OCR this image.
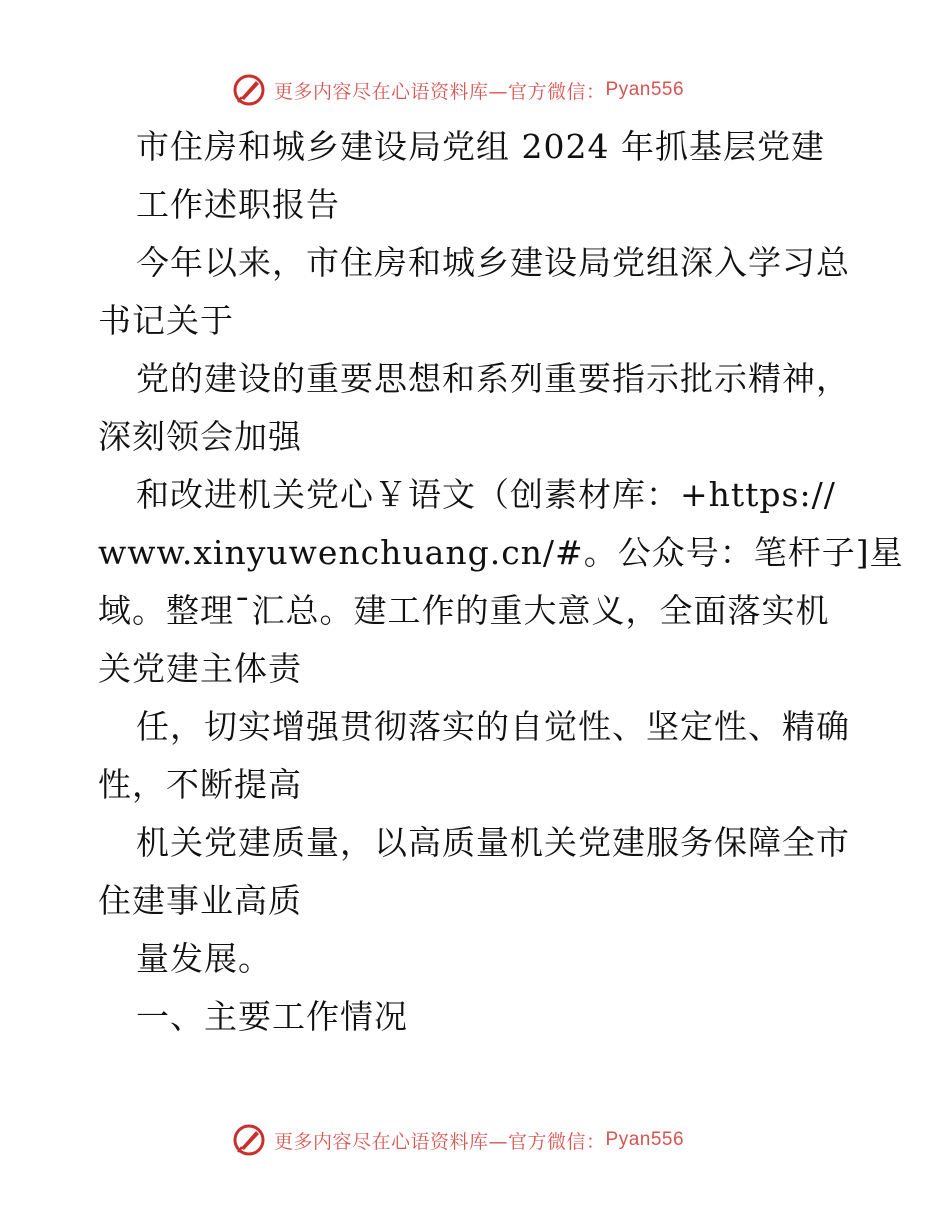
更多内容尽在心语资料库—官方微信： Pyan556
市住房和城乡建设局党组 2024 年抓基层党建
工作述职报告
今年以来，市住房和城乡建设局党组深入学习总
书记关于
党的建设的重要思想和系列重要指示批示精神，
深刻领会加强
和改进机关党心￥语文（创素材库：+https://
www.xinyuwenchuang.cn/#。公众号：笔杆子]星
域。整理¯汇总。建工作的重大意义，全面落实机
关党建主体责
任，切实增强贯彻落实的自觉性、坚定性、精确
性，不断提高
机关党建质量，以高质量机关党建服务保障全市
住建事业高质
量发展。
一、主要工作情况
更多内容尽在心语资料库—官方微信： Pyan556
